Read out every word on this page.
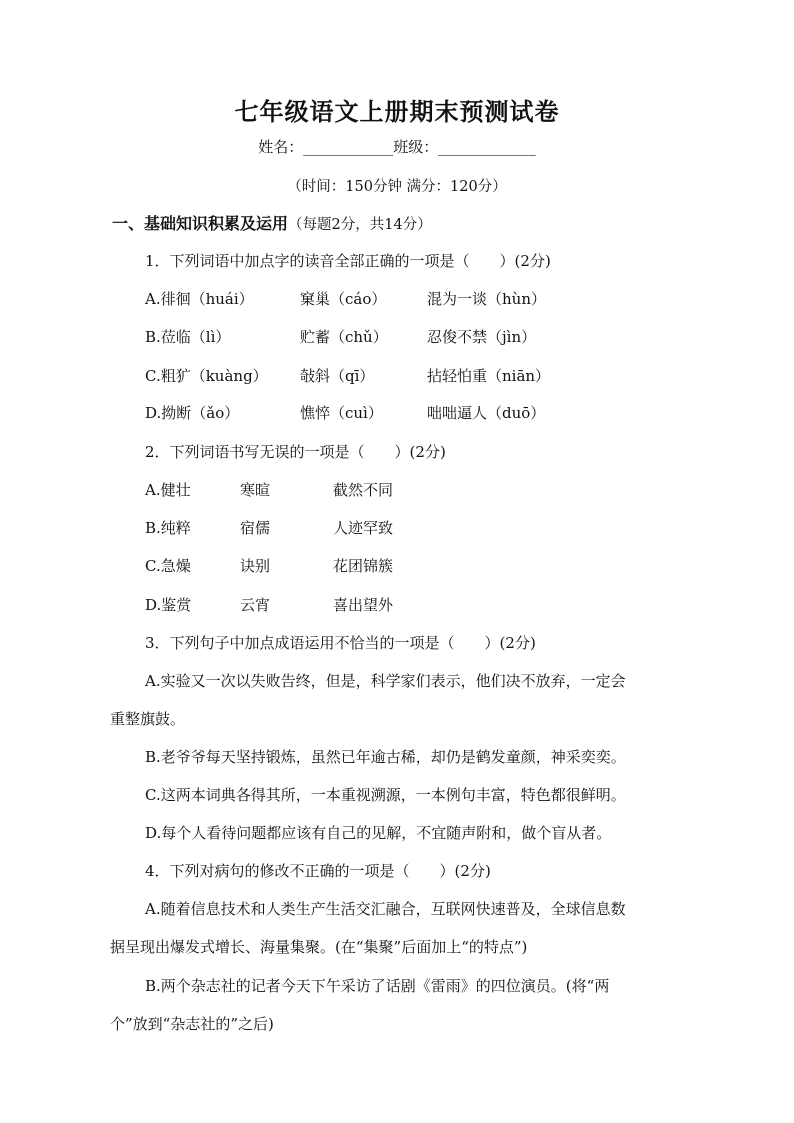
七年级语文上册期末预测试卷
姓名：____________班级：_____________
（时间：150分钟 满分：120分）
一、基础知识积累及运用（每题2分，共14分）
1．下列词语中加点字的读音全部正确的一项是（　　）(2分)
A.徘徊（huái）	窠巢（cáo）	混为一谈（hùn）
B.莅临（lì）	贮蓄（chǔ）	忍俊不禁（jìn）
C.粗犷（kuàng） 敧斜（qī）	拈轻怕重（niān）
D.拗断（ǎo）	憔悴（cuì）	咄咄逼人（duō）
2．下列词语书写无误的一项是（　　）(2分)
A.健壮	寒暄	截然不同
B.纯粹	宿儒	人迹罕致
C.急燥	诀别	花团锦簇
D.鉴赏	云宵	喜出望外
3．下列句子中加点成语运用不恰当的一项是（　　）(2分)
A.实验又一次以失败告终，但是，科学家们表示，他们决不放弃，一定会
重整旗鼓。
B.老爷爷每天坚持锻炼，虽然已年逾古稀，却仍是鹤发童颜，神采奕奕。
C.这两本词典各得其所，一本重视溯源，一本例句丰富，特色都很鲜明。
D.每个人看待问题都应该有自己的见解，不宜随声附和，做个盲从者。
4．下列对病句的修改不正确的一项是（　　）(2分)
A.随着信息技术和人类生产生活交汇融合，互联网快速普及，全球信息数
据呈现出爆发式增长、海量集聚。(在“集聚”后面加上“的特点”)
B.两个杂志社的记者今天下午采访了话剧《雷雨》的四位演员。(将“两
个”放到“杂志社的”之后)
